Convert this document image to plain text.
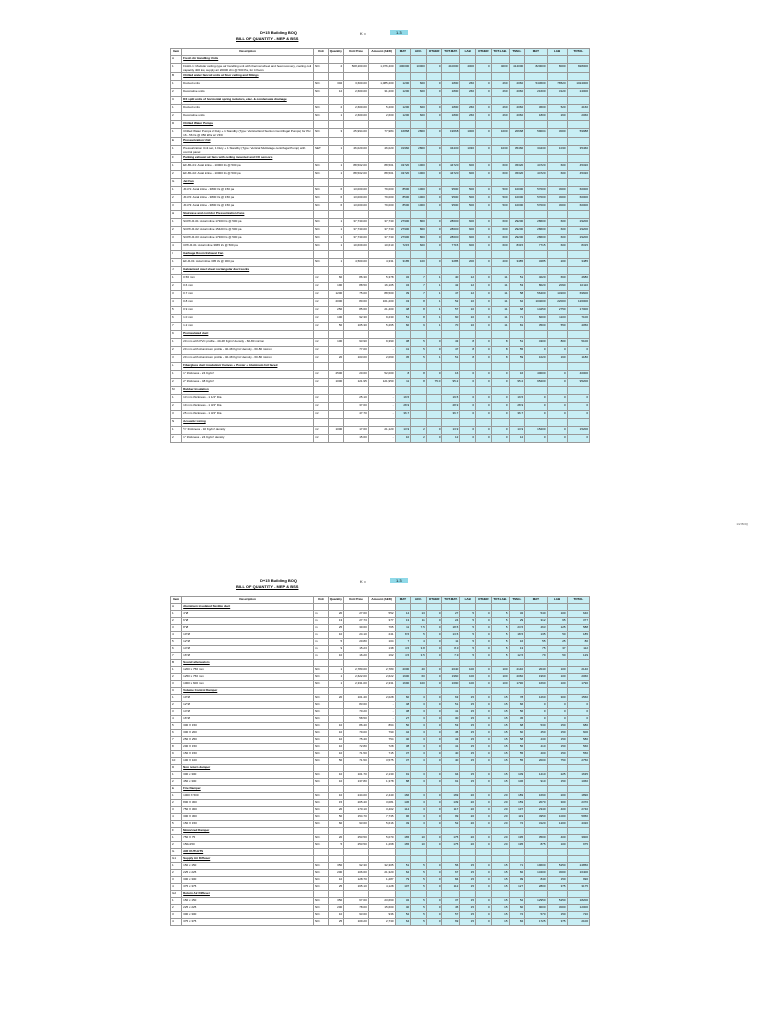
D+15 Building BOQ
BILL OF QUANTITY - MEP & BSS
K =	1.3
Item	Description	Unit	Quantity	Unit Price	Amount (AED)	MAT	ACC.	OTHER	TOT.MAT.	LAB	OTHER	TOT.LAB.	TSM.L	MAT	LAB	TOTAL
A	Fresh Air Handling Units															
1	FAHU-1: Modular ceiling-type air handling unit with thermal wheel and heat recovery, cooling coil capacity 400 kw, supply air 20000 cfm @ 500 Pa, for 4 floors	NO.	2	508,200.00	1,076,400	400000	10000	0	410000	4000	0	4000	414000	820000	8000	828000
B	Chilled water fancoil units at floor ceiling and fittings															
1	Ducted units	NO.	302	3,600.00	1,085,200	1200	600	0	1800	260	0	260	2060	543600	78520	1024000
2	Decorative units	NO.	12	2,600.00	31,200	1200	600	0	1800	260	0	260	2060	21600	3120	24000
C	DX split units of horizontal spring isolators, elec. & condensate drainage															
1	Ducted units	NO.	2	2,600.00	5,200	1200	600	0	1800	260	0	260	2060	3600	520	4160
2	Decorative units	NO.	1	2,600.00	2,600	1200	600	0	1800	260	0	260	2060	1800	260	2060
D	Chilled Water Pumps															
1	Chilled Water Pumps 2 Duty + 1 Standby (Type: Vertical End Suction Centrifugal Pumps) for PH 16 - 56 l/s @ 350 kPa w/ VFD	NO.	3	25,994.00	77,984	16868	2800	0	19668	1000	0	1000	20668	59004	3000	59988
E	Pressurization Unit															
1	Pressurization Unit set, 1 Duty + 1 Standby (Type: Vertical Multistage centrifugal Pump) with control panel	SET	1	46,020.00	46,020	31960	2800	0	34430	1030	0	1030	35460	34430	1030	35460
F	Parking exhaust air fans with ceiling mounted and CO sensors															
1	EF-B1-01: Axial inline - 10000 l/s @ 500 pa	NO.	1	88,502.00	88,501	43720	1000	0	44720	600	0	600	45320	44720	600	45320
2	EF-B1-02: Axial inline - 10000 l/s @ 500 pa	NO.	1	88,502.00	88,501	43720	1000	0	44720	600	0	600	45320	44720	600	45320
G	Jet Fan															
1	JF-P1: Axial inline - 3800 l/s @ 150 pa	NO.	6	13,000.00	79,000	8500	1000	0	9500	500	0	500	10000	57000	3000	60000
2	JF-P2: Axial inline - 3800 l/s @ 150 pa	NO.	6	13,000.00	79,000	8500	1000	0	9500	500	0	500	10000	57000	3000	60000
3	JF-P3: Axial inline - 3800 l/s @ 150 pa	NO.	6	13,000.00	79,000	8500	1000	0	9500	500	0	500	10000	57000	3000	60000
H	Staircase and corridor Pressurization Fans															
1	SCPF-R-01: Axial inline 17300 l/s @ 500 pa	NO.	1	37,730.00	37,730	27900	800	0	28600	600	0	600	29200	28600	600	29200
2	SCPF-R-02: Axial inline 15420 l/s @ 500 pa	NO.	1	37,730.00	37,730	27900	800	0	28600	600	0	600	29200	28600	600	29200
3	SCPF-R-03: Axial inline 17300 l/s @ 500 pa	NO.	1	37,730.00	37,730	27900	800	0	28600	600	0	600	29200	28600	600	29200
4	CPF-R-01: Axial inline 3965 l/s @ 500 pa	NO.	1	10,609.00	10,610	7215	600	0	7715	600	0	600	8315	7715	600	8315
I	Garbage Room Exhaust Fan															
1	EF-R-01: Axial inline 395 l/s @ 300 pa	NO.	1	4,500.00	4,331	3185	100	0	3285	200	0	200	3485	3285	200	3485
J	Galvanized steel sheet rectangular duct works															
1	0.56 mm	m²	60	86.30	5,378	32	7	1	40	12	0	11	51	4020	660	4680
2	0.6 mm	m²	190	88.50	16,105	34	7	1	42	12	0	11	53	8020	2090	10110
3	0.7 mm	m²	1200	75.00	88,500	39	7	1	47	12	0	11	58	56400	13200	69600
4	0.8 mm	m²	2000	80.60	161,200	43	8	1	52	10	0	11	62	104000	22000	126000
5	0.9 mm	m²	250	85.60	21,400	48	8	1	57	10	0	11	68	14250	2750	17000
6	1.0 mm	m²	100	92.30	9,230	51	8	1	60	10	0	11	71	6000	1100	7100
7	1.2 mm	m²	50	105.30	5,265	60	9	1	70	10	0	11	81	3500	550	4050
K	Preinsulated duct															
1	20 mm with PVC profile - 40-48 Kg/m³ density - 60-80 micron	m²	100	93.90	9,390	38	5	0	43	8	0	8	51	4300	800	5100
2	20 mm with Aluminium profile - 40-48 Kg/m³ density - 60-80 micron	m²		77.00	-	41	5	0	47	8	0	8	55	0	0	0
3	20 mm with Aluminium profile - 40-48 Kg/m³ density - 60-80 micron	m²	20	103.00	2,060	45	5	1	51	8	0	8	59	1020	160	1180
L	Fiberglass duct insulation/ Canvas + Poster + Aluminum foil faced															
1	1" thickness - 24 Kg/m³	m²	2500	20.60	52,000	8	8	0	16	0	0	0	16	40000	0	40000
2	2" thickness - 48 Kg/m³	m²	1000	121.95	121,950	11	8	75.0	95.2	0	0	0	95.2	95200	0	95200
M	Rubber Insulation															
1	13 mm thickness - 1 1/4" Dia	m²		25.10	-	19.5			19.5	0	0	0	19.5	0	0	0
2	19 mm thickness - 1 3/4" Dia	m²		37.60	-	28.9			28.9	0	0	0	28.9	0	0	0
3	25 mm thickness - 1 3/4" Dia	m²		47.70	-	36.7			36.7	0	0	0	36.7	0	0	0
N	Acoustic Lining															
1	½" thickness - 32 Kg/m³ density	m²	1000	17.60	21,120	13.9	2	0	13.9	0	0	0	13.9	15200	0	15200
2	1" thickness - 24 Kg/m³ density	m²		15.60	-	10	2	0	12	0	0	0	12	0	0	0
1/2 BOQ
D+15 Building BOQ
BILL OF QUANTITY - MEP & BSS
K =	1.3
Item	Description	Unit	Quantity	Unit Price	Amount (AED)	MAT	ACC.	OTHER	TOT.MAT.	LAB	OTHER	TOT.LAB.	TSM.L	MAT	LAB	TOTAL
A	Aluminum insulated flexible duct															
1	4"Ø	m	20	27.60	552	14	13	0	27	5	0	5	32	540	100	640
2	6"Ø	m	13	27.73	377	13	11	0	24	5	0	5	29	312	65	377
3	8"Ø	m	25	30.60	765	11	7.5	0	18.5	5	0	5	23.5	463	125	588
4	10"Ø	m	10	24.10	241	8.5	5	0	13.5	5	0	5	18.5	135	50	185
5	12"Ø	m	5	20.80	104	7	4	0	11	5	0	5	16	55	25	80
6	14"Ø	m	9	15.23	138	4.5	3.8	0	8.3	5	0	5	13	75	37	112
7	16"Ø	m	10	16.20	162	4.5	3.5	0	7.9	5	0	5	12.5	79	50	129
B	Sound attenuators															
1	1200 x 750 mm	NO.	1	2,780.00	2,780	2000	40	0	2040	100	0	100	2140	2040	100	2140
2	1250 x 750 mm	NO.	1	2,622.00	2,622	1900	60	0	1960	100	0	100	2060	1960	100	2060
3	1000 x 600 mm	NO.	1	2,331.00	2,331	1690	100	0	1690	100	0	100	1790	1690	100	1790
C	Volume Control Damper															
1	10"Ø	NO.	20	101.40	2,028	60	3	0	63	15	0	15	78	1260	300	1560
2	12"Ø	NO.		83.60	-	48	3	0	51	15	0	15	66	0	0	0
3	14"Ø	NO.		70.20	-	38	3	0	41	15	0	15	56	0	0	0
4	16"Ø	NO.		58.50	-	27	3	0	30	15	0	15	45	0	0	0
5	300 X 150	NO.	10	86.40	864	50	3	0	53	15	0	15	68	530	150	680
6	300 X 200	NO.	10	79.00	790	42	3	0	45	15	0	15	60	450	150	600
7	250 X 250	NO.	10	75.40	754	40	3	0	43	15	0	15	58	430	150	580
8	200 X 150	NO.	10	72.80	728	38	3	0	41	15	0	15	56	410	150	560
9	150 X 150	NO.	10	71.50	715	37	3	0	40	15	0	15	55	400	150	550
10	100 X 100	NO.	50	71.50	3,575	37	3	0	40	15	0	15	55	2000	750	2750
D	Non return damper															
1	300 x 300	NO.	10	101.70	2,130	91	3	0	94	15	0	15	109	1410	225	1635
2	450 x 300	NO.	10	137.80	1,378	88	3	0	91	15	0	15	106	910	150	1060
E	Fire Damper															
1	1000 X 500	NO.	10	244.00	2,440	166	3	0	169	20	0	20	189	1690	200	1890
2	800 X 300	NO.	15	205.40	3,081	136	3	0	139	20	0	20	159	2070	300	2370
3	750 X 300	NO.	20	170.10	3,402	114	3	0	117	20	0	20	137	2340	400	2740
4	300 X 300	NO.	50	154.70	7,735	96	3	0	99	20	0	20	119	4950	1000	5950
5	150 X 150	NO.	60	93.60	5,616	49	3	0	52	20	0	20	72	3120	1200	4320
F	Motorized Damper															
1	750 X 75	NO.	20	253.50	5,070	165	10	0	175	20	0	20	195	3500	400	3900
2	150x150	NO.	5	253.50	1,268	165	10	0	175	20	0	20	195	875	100	975
G	AIR OUTLETS															
G1	Supply Air Diffuser															
1	150 x 150	NO.	350	92.30	32,305	51	5	0	56	15	0	15	71	19600	5250	24850
2	225 x 225	NO.	200	106.60	21,320	62	5	0	67	15	0	15	82	13400	3000	16400
3	300 x 300	NO.	10	128.70	1,287	79	5	0	84	15	0	15	99	840	150	990
4	375 x 375	NO.	25	165.10	4,128	107	5	0	112	15	0	15	127	2800	375	3175
G2	Return Air Diffuser															
1	150 x 150	NO.	350	67.60	23,660	32	5	0	37	15	0	15	52	12950	5250	18200
2	225 x 225	NO.	200	78.00	15,600	40	5	0	45	15	0	15	60	9000	3000	12000
3	300 x 300	NO.	10	93.60	936	52	5	0	57	15	0	15	72	570	150	720
4	375 x 375	NO.	25	109.20	2,730	64	5	0	69	15	0	15	84	1725	375	2100
